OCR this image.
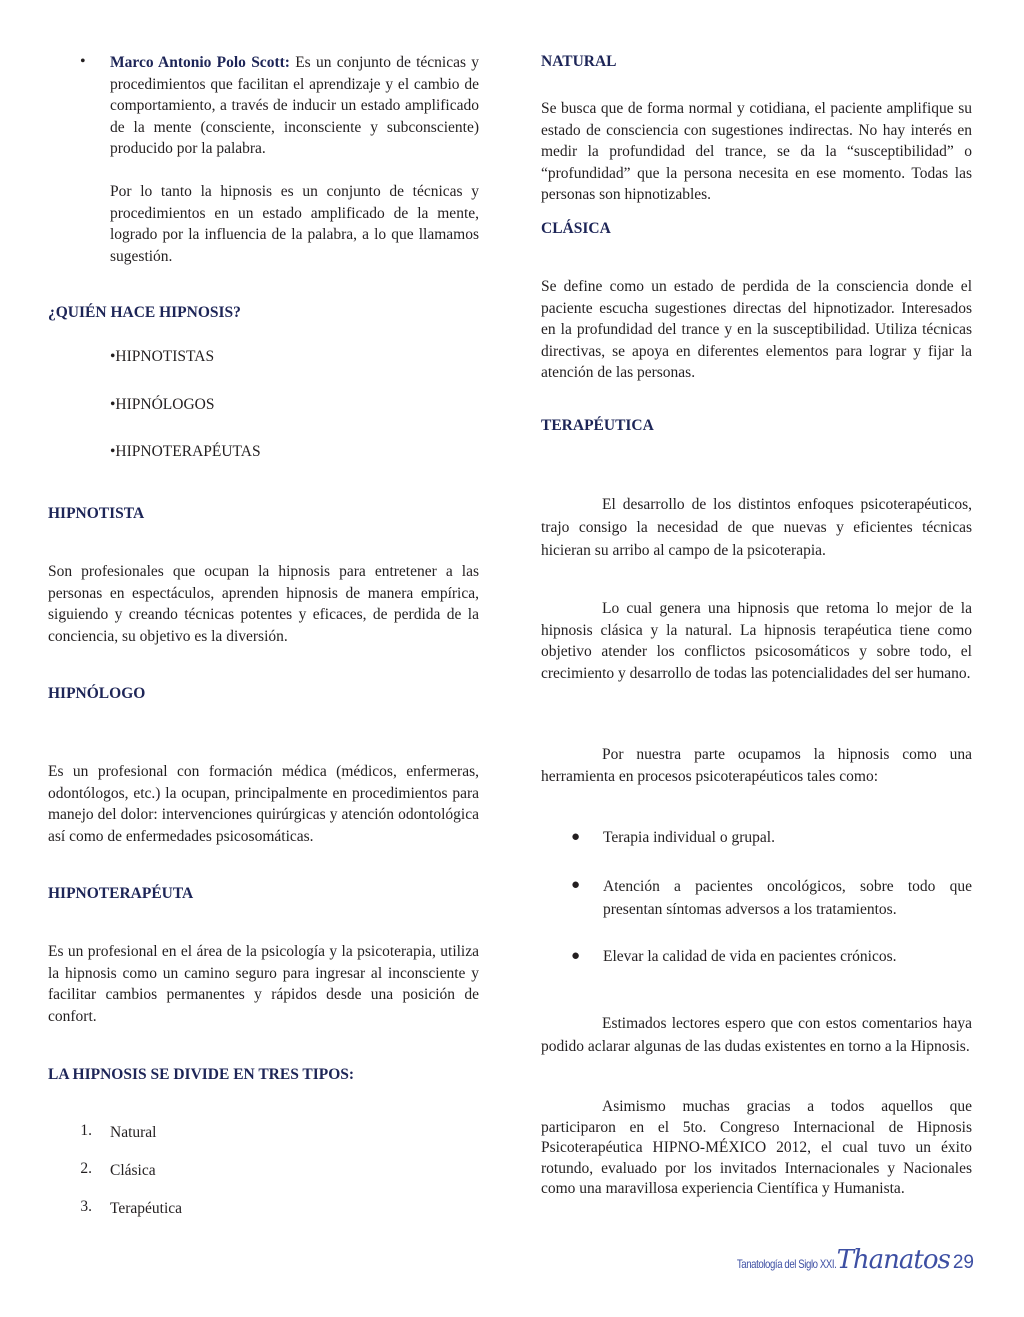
• Marco Antonio Polo Scott: Es un conjunto de técnicas y procedimientos que facilitan el aprendizaje y el cambio de comportamiento, a través de inducir un estado amplificado de la mente (consciente, inconsciente y subconsciente) producido por la palabra.
Por lo tanto la hipnosis es un conjunto de técnicas y procedimientos en un estado amplificado de la mente, logrado por la influencia de la palabra, a lo que llamamos sugestión.
¿QUIÉN HACE HIPNOSIS?
•HIPNOTISTAS
•HIPNÓLOGOS
•HIPNOTERAPÉUTAS
HIPNOTISTA
Son profesionales que ocupan la hipnosis para entretener a las personas en espectáculos, aprenden hipnosis de manera empírica, siguiendo y creando técnicas potentes y eficaces, de perdida de la conciencia, su objetivo es la diversión.
HIPNÓLOGO
Es un profesional con formación médica (médicos, enfermeras, odontólogos, etc.) la ocupan, principalmente en procedimientos para manejo del dolor: intervenciones quirúrgicas y atención odontológica así como de enfermedades psicosomáticas.
HIPNOTERAPÉUTA
Es un profesional en el área de la psicología y la psicoterapia, utiliza la hipnosis como un camino seguro para ingresar al inconsciente y facilitar cambios permanentes y rápidos desde una posición de confort.
LA HIPNOSIS SE DIVIDE EN TRES TIPOS:
1. Natural
2. Clásica
3. Terapéutica
NATURAL
Se busca que de forma normal y cotidiana, el paciente amplifique su estado de consciencia con sugestiones indirectas. No hay interés en medir la profundidad del trance, se da la “susceptibilidad” o “profundidad” que la persona necesita en ese momento. Todas las personas son hipnotizables.
CLÁSICA
Se define como un estado de perdida de la consciencia donde el paciente escucha sugestiones directas del hipnotizador. Interesados en la profundidad del trance y en la susceptibilidad. Utiliza técnicas directivas, se apoya en diferentes elementos para lograr y fijar la atención de las personas.
TERAPÉUTICA
El desarrollo de los distintos enfoques psicoterapéuticos, trajo consigo la necesidad de que nuevas y eficientes técnicas hicieran su arribo al campo de la psicoterapia.
Lo cual genera una hipnosis que retoma lo mejor de la hipnosis clásica y la natural. La hipnosis terapéutica tiene como objetivo atender los conflictos psicosomáticos y sobre todo, el crecimiento y desarrollo de todas las potencialidades del ser humano.
Por nuestra parte ocupamos la hipnosis como una herramienta en procesos psicoterapéuticos tales como:
● Terapia individual o grupal.
● Atención a pacientes oncológicos, sobre todo que presentan síntomas adversos a los tratamientos.
● Elevar la calidad de vida en pacientes crónicos.
Estimados lectores espero que con estos comentarios haya podido aclarar algunas de las dudas existentes en torno a la Hipnosis.
Asimismo muchas gracias a todos aquellos que participaron en el 5to. Congreso Internacional de Hipnosis Psicoterapéutica HIPNO-MÉXICO 2012, el cual tuvo un éxito rotundo, evaluado por los invitados Internacionales y Nacionales como una maravillosa experiencia Científica y Humanista.
Tanatología del Siglo XXI.Thanatos 29
